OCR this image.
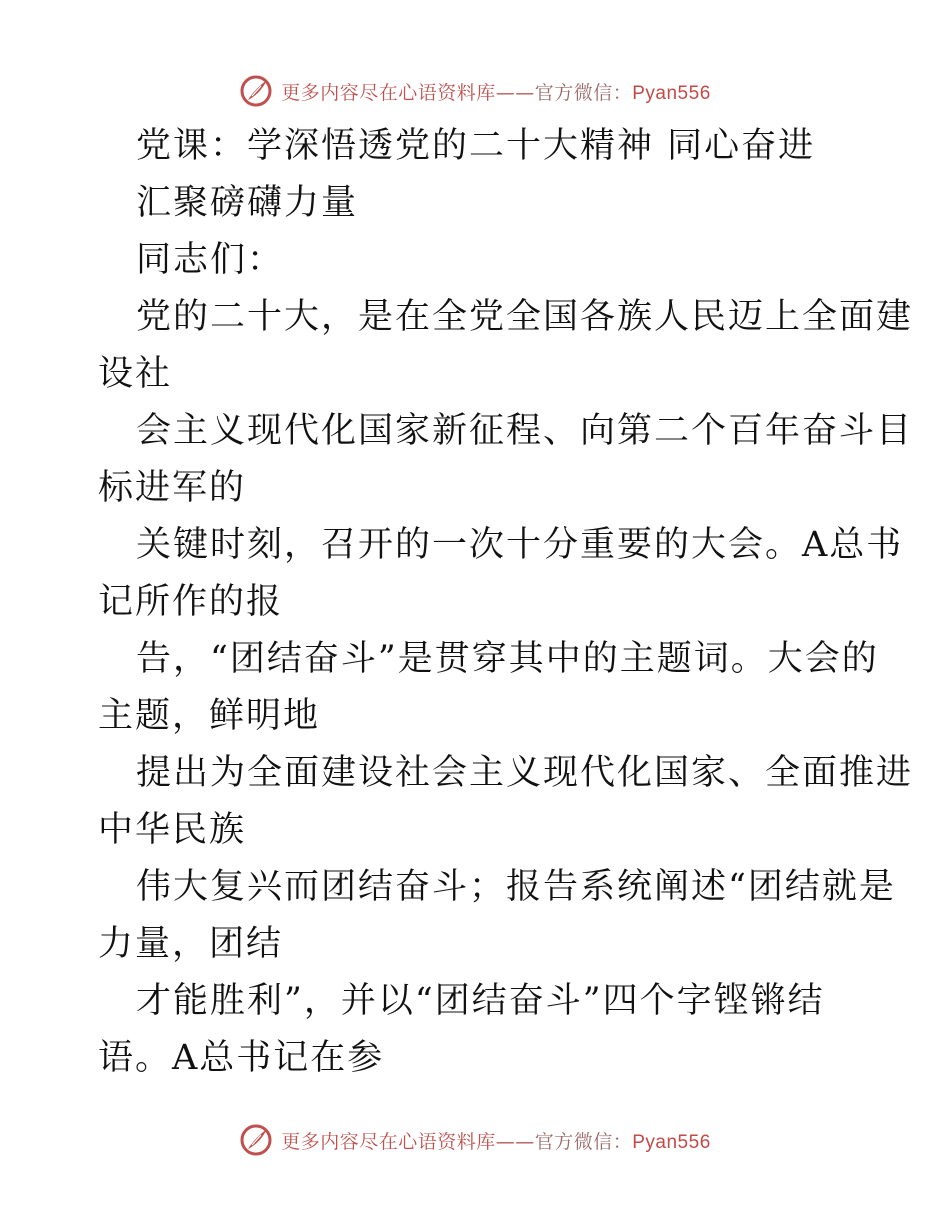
更多内容尽在心语资料库——官方微信：Pyan556
党课：学深悟透党的二十大精神 同心奋进
汇聚磅礴力量
同志们：
党的二十大，是在全党全国各族人民迈上全面建
设社
会主义现代化国家新征程、向第二个百年奋斗目
标进军的
关键时刻，召开的一次十分重要的大会。A总书
记所作的报
告，“团结奋斗”是贯穿其中的主题词。大会的
主题，鲜明地
提出为全面建设社会主义现代化国家、全面推进
中华民族
伟大复兴而团结奋斗；报告系统阐述“团结就是
力量，团结
才能胜利”，并以“团结奋斗”四个字铿锵结
语。A总书记在参
更多内容尽在心语资料库——官方微信：Pyan556
